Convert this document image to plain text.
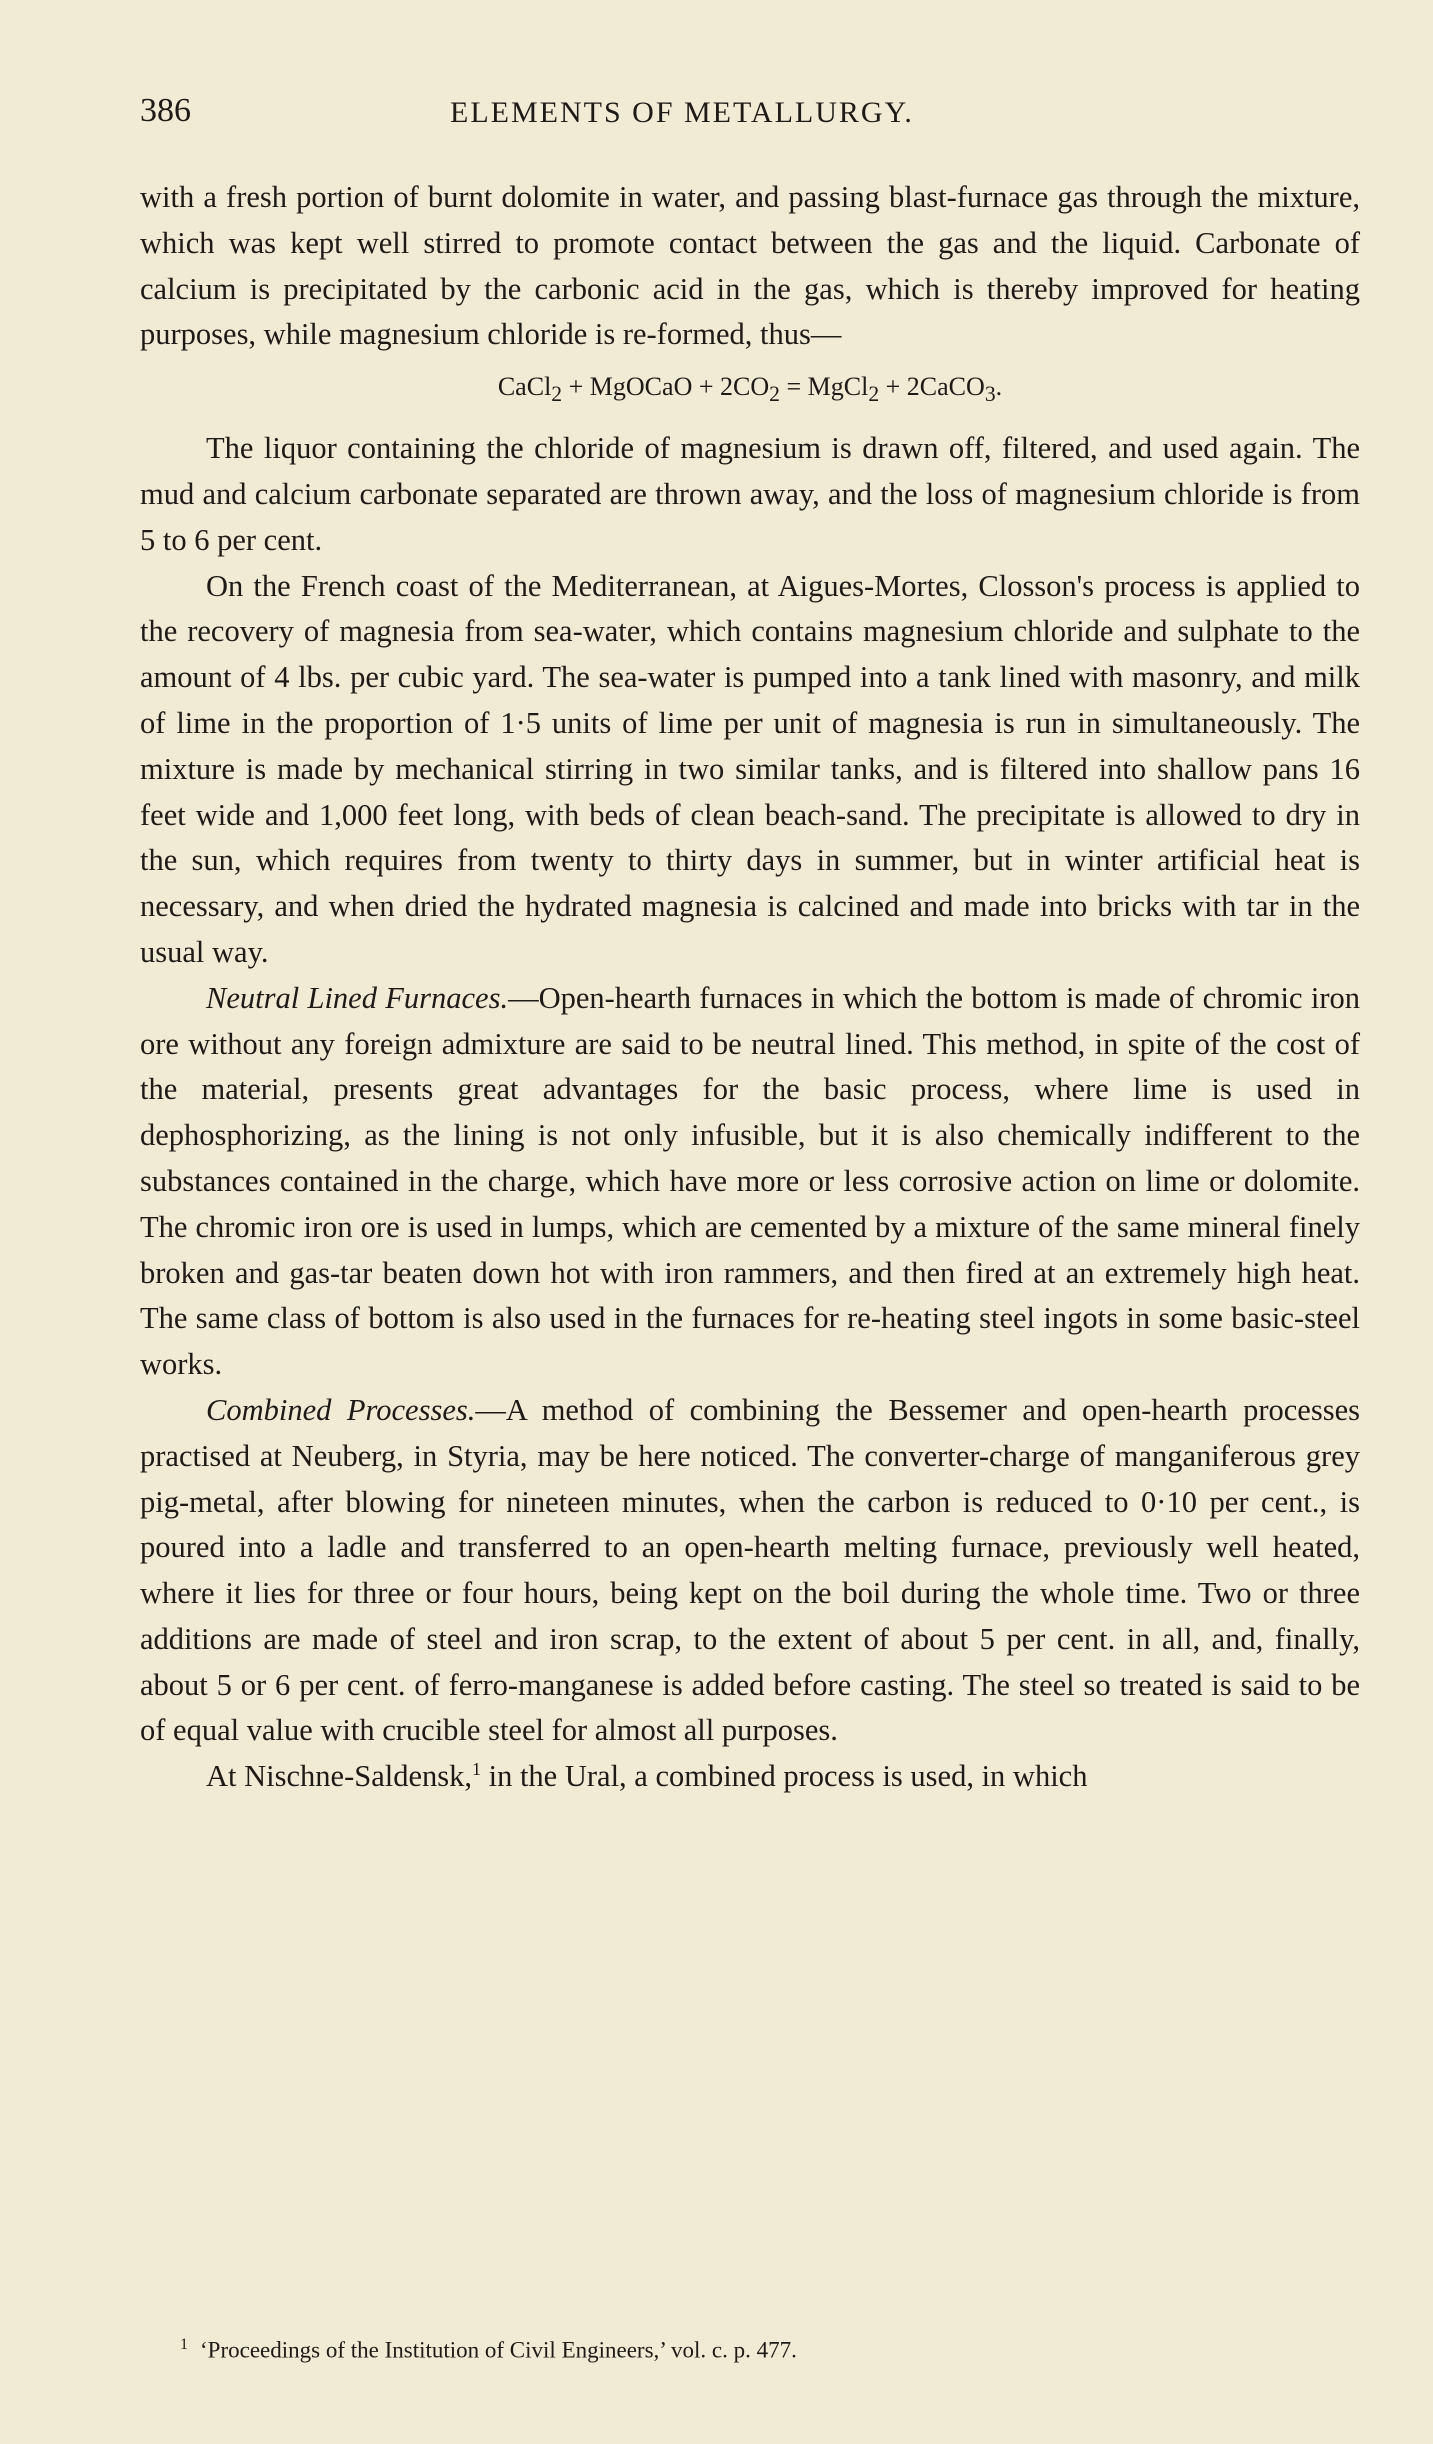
386	ELEMENTS OF METALLURGY.

with a fresh portion of burnt dolomite in water, and passing blast-furnace gas through the mixture, which was kept well stirred to promote contact between the gas and the liquid. Carbonate of calcium is precipitated by the carbonic acid in the gas, which is thereby improved for heating purposes, while magnesium chloride is re-formed, thus—

CaCl$_2$ + MgOCaO + $2CO_2$ = MgCl$_2$ + 2CaCO$_3$.

The liquor containing the chloride of magnesium is drawn off, filtered, and used again. The mud and calcium carbonate separated are thrown away, and the loss of magnesium chloride is from 5 to 6 per cent.

On the French coast of the Mediterranean, at Aigues-Mortes, Closson's process is applied to the recovery of magnesia from sea-water, which contains magnesium chloride and sulphate to the amount of 4 lbs. per cubic yard. The sea-water is pumped into a tank lined with masonry, and milk of lime in the proportion of 1·5 units of lime per unit of magnesia is run in simultaneously. The mixture is made by mechanical stirring in two similar tanks, and is filtered into shallow pans 16 feet wide and 1,000 feet long, with beds of clean beach-sand. The precipitate is allowed to dry in the sun, which requires from twenty to thirty days in summer, but in winter artificial heat is necessary, and when dried the hydrated magnesia is calcined and made into bricks with tar in the usual way.

Neutral Lined Furnaces.—Open-hearth furnaces in which the bottom is made of chromic iron ore without any foreign admixture are said to be neutral lined. This method, in spite of the cost of the material, presents great advantages for the basic process, where lime is used in dephosphorizing, as the lining is not only infusible, but it is also chemically indifferent to the substances contained in the charge, which have more or less corrosive action on lime or dolomite. The chromic iron ore is used in lumps, which are cemented by a mixture of the same mineral finely broken and gas-tar beaten down hot with iron rammers, and then fired at an extremely high heat. The same class of bottom is also used in the furnaces for re-heating steel ingots in some basic-steel works.

Combined Processes.—A method of combining the Bessemer and open-hearth processes practised at Neuberg, in Styria, may be here noticed. The converter-charge of manganiferous grey pig-metal, after blowing for nineteen minutes, when the carbon is reduced to 0·10 per cent., is poured into a ladle and transferred to an open-hearth melting furnace, previously well heated, where it lies for three or four hours, being kept on the boil during the whole time. Two or three additions are made of steel and iron scrap, to the extent of about 5 per cent. in all, and, finally, about 5 or 6 per cent. of ferro-manganese is added before casting. The steel so treated is said to be of equal value with crucible steel for almost all purposes.

At Nischne-Saldensk,$^1$ in the Ural, a combined process is used, in which

$^1$ ‘Proceedings of the Institution of Civil Engineers,’ vol. c. p. 477.
